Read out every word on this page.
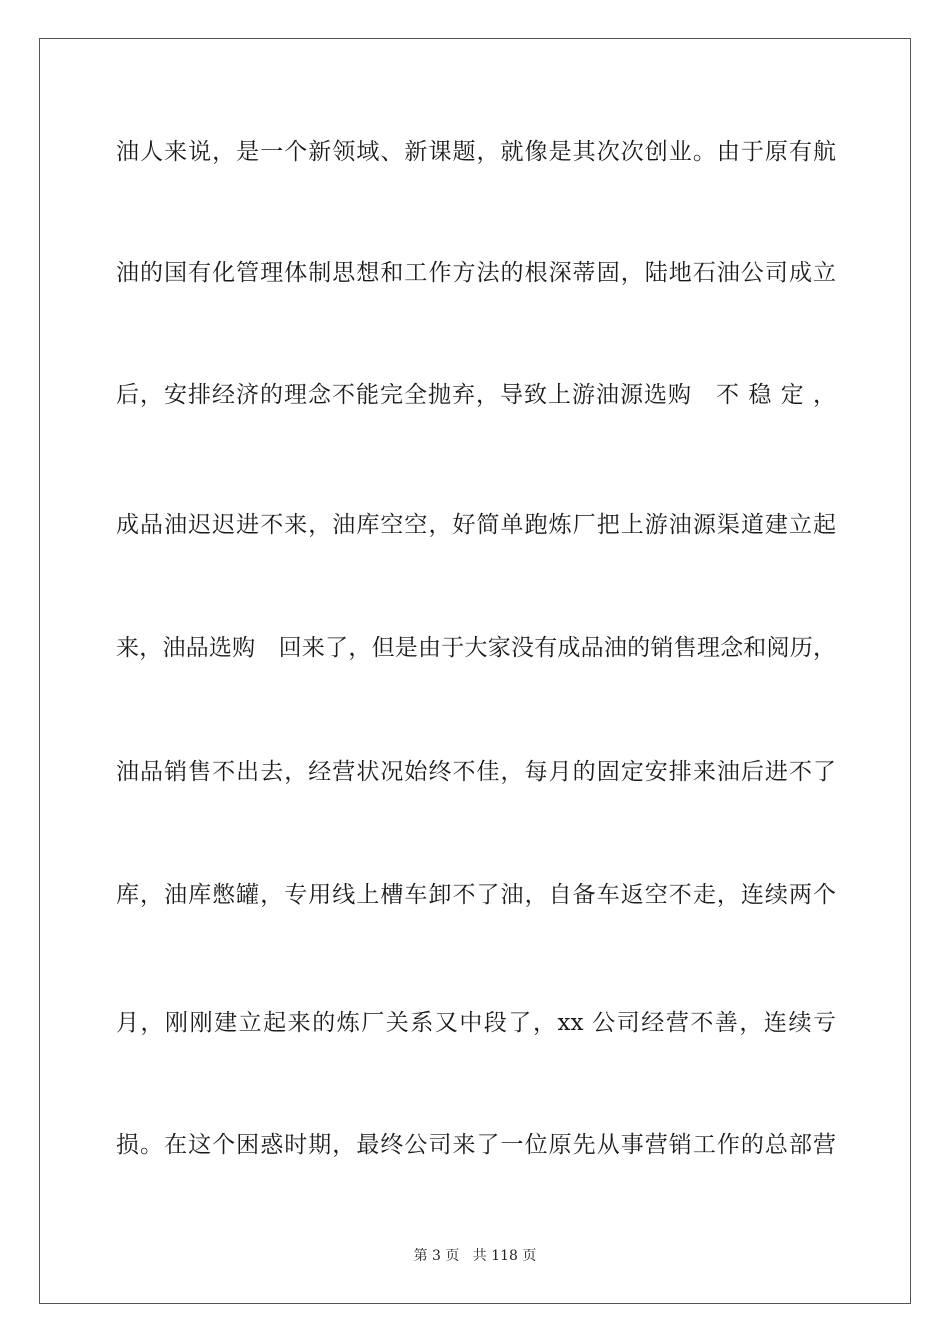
油人来说，是一个新领域、新课题，就像是其次次创业。由于原有航
油的国有化管理体制思想和工作方法的根深蒂固，陆地石油公司成立
后，安排经济的理念不能完全抛弃，导致上游油源选购　不 稳 定 ，
成品油迟迟进不来，油库空空，好简单跑炼厂把上游油源渠道建立起
来，油品选购　回来了，但是由于大家没有成品油的销售理念和阅历，
油品销售不出去，经营状况始终不佳，每月的固定安排来油后进不了
库，油库憋罐，专用线上槽车卸不了油，自备车返空不走，连续两个
月，刚刚建立起来的炼厂关系又中段了，xx 公司经营不善，连续亏
损。在这个困惑时期，最终公司来了一位原先从事营销工作的总部营
第 3 页 共 118 页
